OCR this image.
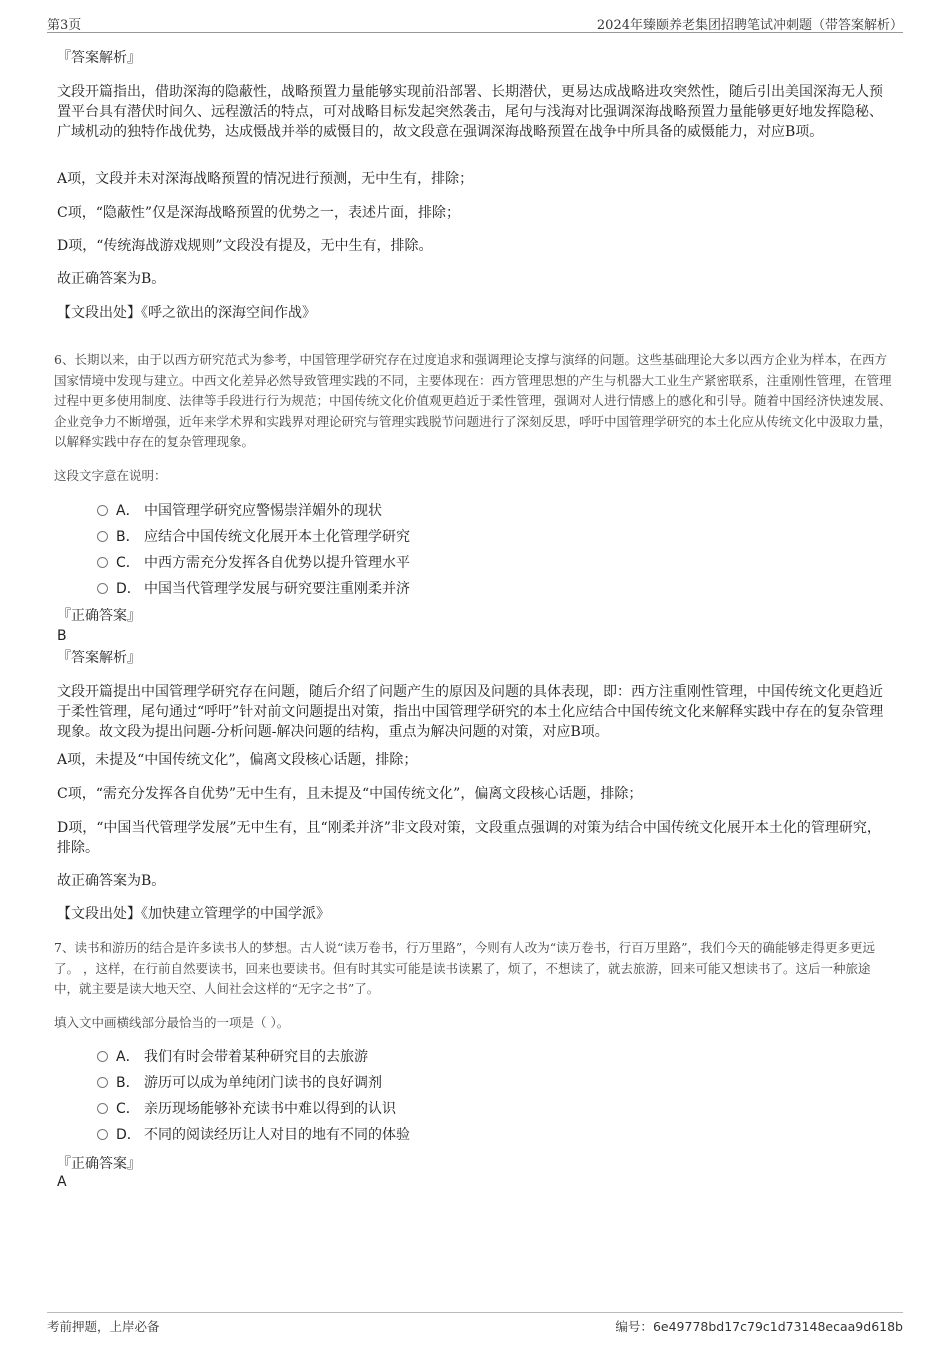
第3页	2024年臻颐养老集团招聘笔试冲刺题（带答案解析）
『答案解析』

文段开篇指出，借助深海的隐蔽性，战略预置力量能够实现前沿部署、长期潜伏，更易达成战略进攻突然性，随后引出美国深海无人预置平台具有潜伏时间久、远程激活的特点，可对战略目标发起突然袭击，尾句与浅海对比强调深海战略预置力量能够更好地发挥隐秘、广域机动的独特作战优势，达成慑战并举的威慑目的，故文段意在强调深海战略预置在战争中所具备的威慑能力，对应B项。

A项，文段并未对深海战略预置的情况进行预测，无中生有，排除；
C项，“隐蔽性”仅是深海战略预置的优势之一，表述片面，排除；
D项，“传统海战游戏规则”文段没有提及，无中生有，排除。
故正确答案为B。
【文段出处】《呼之欲出的深海空间作战》

6、长期以来，由于以西方研究范式为参考，中国管理学研究存在过度追求和强调理论支撑与演绎的问题。这些基础理论大多以西方企业为样本，在西方国家情境中发现与建立。中西文化差异必然导致管理实践的不同，主要体现在：西方管理思想的产生与机器大工业生产紧密联系，注重刚性管理，在管理过程中更多使用制度、法律等手段进行行为规范；中国传统文化价值观更趋近于柔性管理，强调对人进行情感上的感化和引导。随着中国经济快速发展、企业竞争力不断增强，近年来学术界和实践界对理论研究与管理实践脱节问题进行了深刻反思，呼吁中国管理学研究的本土化应从传统文化中汲取力量，以解释实践中存在的复杂管理现象。

这段文字意在说明：
A． 中国管理学研究应警惕崇洋媚外的现状
B． 应结合中国传统文化展开本土化管理学研究
C． 中西方需充分发挥各自优势以提升管理水平
D． 中国当代管理学发展与研究要注重刚柔并济
『正确答案』
B
『答案解析』

文段开篇提出中国管理学研究存在问题，随后介绍了问题产生的原因及问题的具体表现，即：西方注重刚性管理，中国传统文化更趋近于柔性管理，尾句通过“呼吁”针对前文问题提出对策，指出中国管理学研究的本土化应结合中国传统文化来解释实践中存在的复杂管理现象。故文段为提出问题-分析问题-解决问题的结构，重点为解决问题的对策，对应B项。

A项，未提及“中国传统文化”，偏离文段核心话题，排除；
C项，“需充分发挥各自优势”无中生有，且未提及“中国传统文化”，偏离文段核心话题，排除；

D项，“中国当代管理学发展”无中生有，且“刚柔并济”非文段对策，文段重点强调的对策为结合中国传统文化展开本土化的管理研究，排除。

故正确答案为B。
【文段出处】《加快建立管理学的中国学派》

7、读书和游历的结合是许多读书人的梦想。古人说“读万卷书，行万里路”，今则有人改为“读万卷书，行百万里路”，我们今天的确能够走得更多更远了。 ，这样，在行前自然要读书，回来也要读书。但有时其实可能是读书读累了，烦了，不想读了，就去旅游，回来可能又想读书了。这后一种旅途中，就主要是读大地天空、人间社会这样的“无字之书”了。

填入文中画横线部分最恰当的一项是（ ）。
A． 我们有时会带着某种研究目的去旅游
B． 游历可以成为单纯闭门读书的良好调剂
C． 亲历现场能够补充读书中难以得到的认识
D． 不同的阅读经历让人对目的地有不同的体验
『正确答案』
A
考前押题，上岸必备	编号：6e49778bd17c79c1d73148ecaa9d618b
